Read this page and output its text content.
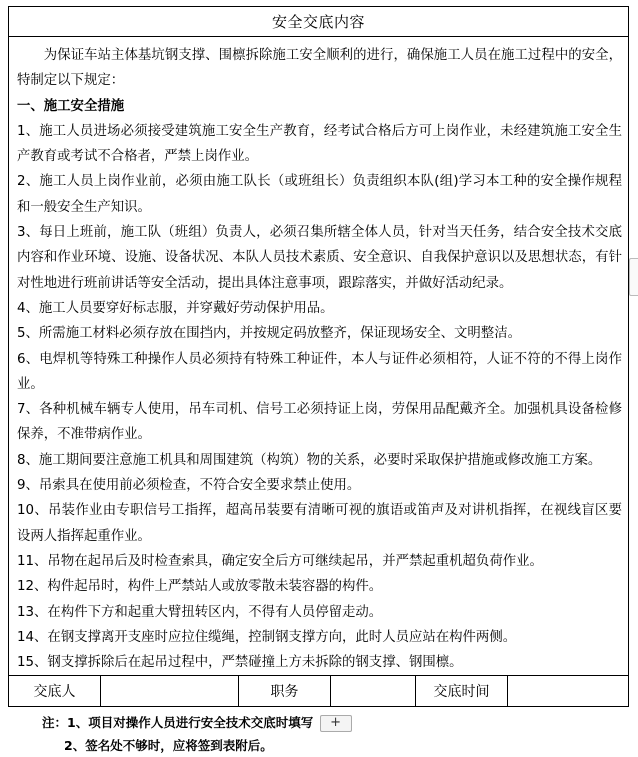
安全交底内容

为保证车站主体基坑钢支撑、围檩拆除施工安全顺利的进行，确保施工人员在施工过程中的安全，特制定以下规定：

一、施工安全措施

1、施工人员进场必须接受建筑施工安全生产教育，经考试合格后方可上岗作业，未经建筑施工安全生产教育或考试不合格者，严禁上岗作业。

2、施工人员上岗作业前，必须由施工队长（或班组长）负责组织本队(组)学习本工种的安全操作规程和一般安全生产知识。

3、每日上班前，施工队（班组）负责人，必须召集所辖全体人员，针对当天任务，结合安全技术交底内容和作业环境、设施、设备状况、本队人员技术素质、安全意识、自我保护意识以及思想状态，有针对性地进行班前讲话等安全活动，提出具体注意事项，跟踪落实，并做好活动纪录。

4、施工人员要穿好标志服，并穿戴好劳动保护用品。

5、所需施工材料必须存放在围挡内，并按规定码放整齐，保证现场安全、文明整洁。

6、电焊机等特殊工种操作人员必须持有特殊工种证件，本人与证件必须相符，人证不符的不得上岗作业。

7、各种机械车辆专人使用，吊车司机、信号工必须持证上岗，劳保用品配戴齐全。加强机具设备检修保养，不准带病作业。

8、施工期间要注意施工机具和周围建筑（构筑）物的关系，必要时采取保护措施或修改施工方案。

9、吊索具在使用前必须检查，不符合安全要求禁止使用。

10、吊装作业由专职信号工指挥，超高吊装要有清晰可视的旗语或笛声及对讲机指挥，在视线盲区要设两人指挥起重作业。

11、吊物在起吊后及时检查索具，确定安全后方可继续起吊，并严禁起重机超负荷作业。

12、构件起吊时，构件上严禁站人或放零散未装容器的构件。

13、在构件下方和起重大臂扭转区内，不得有人员停留走动。

14、在钢支撑离开支座时应拉住缆绳，控制钢支撑方向，此时人员应站在构件两侧。

15、钢支撑拆除后在起吊过程中，严禁碰撞上方未拆除的钢支撑、钢围檩。

交底人	职务	交底时间
注：1、项目对操作人员进行安全技术交底时填写 +
2、签名处不够时，应将签到表附后。
